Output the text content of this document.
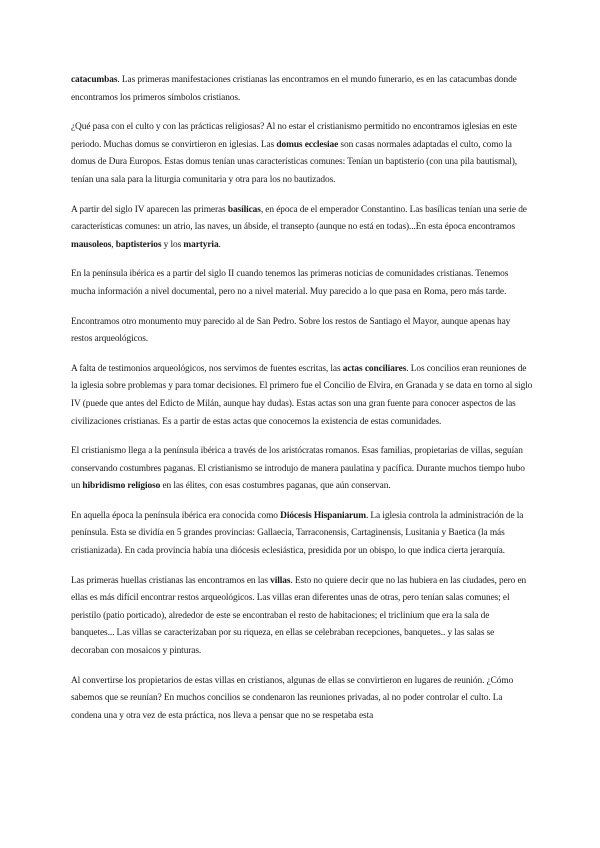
catacumbas. Las primeras manifestaciones cristianas las encontramos en el mundo funerario, es en las catacumbas donde encontramos los primeros símbolos cristianos.

¿Qué pasa con el culto y con las prácticas religiosas? Al no estar el cristianismo permitido no encontramos iglesias en este periodo. Muchas domus se convirtieron en iglesias. Las domus ecclesiae son casas normales adaptadas el culto, como la domus de Dura Europos. Estas domus tenían unas características comunes: Tenían un baptisterio (con una pila bautismal), tenían una sala para la liturgia comunitaria y otra para los no bautizados.

A partir del siglo IV aparecen las primeras basílicas, en época de el emperador Constantino. Las basílicas tenían una serie de características comunes: un atrio, las naves, un ábside, el transepto (aunque no está en todas)...En esta época encontramos mausoleos, baptisterios y los martyria.

En la península ibérica es a partir del siglo II cuando tenemos las primeras noticias de comunidades cristianas. Tenemos mucha información a nivel documental, pero no a nivel material. Muy parecido a lo que pasa en Roma, pero más tarde.

Encontramos otro monumento muy parecido al de San Pedro. Sobre los restos de Santiago el Mayor, aunque apenas hay restos arqueológicos.

A falta de testimonios arqueológicos, nos servimos de fuentes escritas, las actas conciliares. Los concilios eran reuniones de la iglesia sobre problemas y para tomar decisiones. El primero fue el Concilio de Elvira, en Granada y se data en torno al siglo IV (puede que antes del Edicto de Milán, aunque hay dudas). Estas actas son una gran fuente para conocer aspectos de las civilizaciones cristianas. Es a partir de estas actas que conocemos la existencia de estas comunidades.

El cristianismo llega a la península ibérica a través de los aristócratas romanos. Esas familias, propietarias de villas, seguían conservando costumbres paganas. El cristianismo se introdujo de manera paulatina y pacífica. Durante muchos tiempo hubo un hibridismo religioso en las élites, con esas costumbres paganas, que aún conservan.

En aquella época la península ibérica era conocida como Diócesis Hispaniarum. La iglesia controla la administración de la península. Esta se dividía en 5 grandes provincias: Gallaecia, Tarraconensis, Cartaginensis, Lusitania y Baetica (la más cristianizada). En cada provincia había una diócesis eclesiástica, presidida por un obispo, lo que indica cierta jerarquía.

Las primeras huellas cristianas las encontramos en las villas. Esto no quiere decir que no las hubiera en las ciudades, pero en ellas es más difícil encontrar restos arqueológicos. Las villas eran diferentes unas de otras, pero tenían salas comunes; el peristilo (patio porticado), alrededor de este se encontraban el resto de habitaciones; el triclinium que era la sala de banquetes... Las villas se caracterizaban por su riqueza, en ellas se celebraban recepciones, banquetes.. y las salas se decoraban con mosaicos y pinturas.

Al convertirse los propietarios de estas villas en cristianos, algunas de ellas se convirtieron en lugares de reunión. ¿Cómo sabemos que se reunían? En muchos concilios se condenaron las reuniones privadas, al no poder controlar el culto. La condena una y otra vez de esta práctica, nos lleva a pensar que no se respetaba esta
